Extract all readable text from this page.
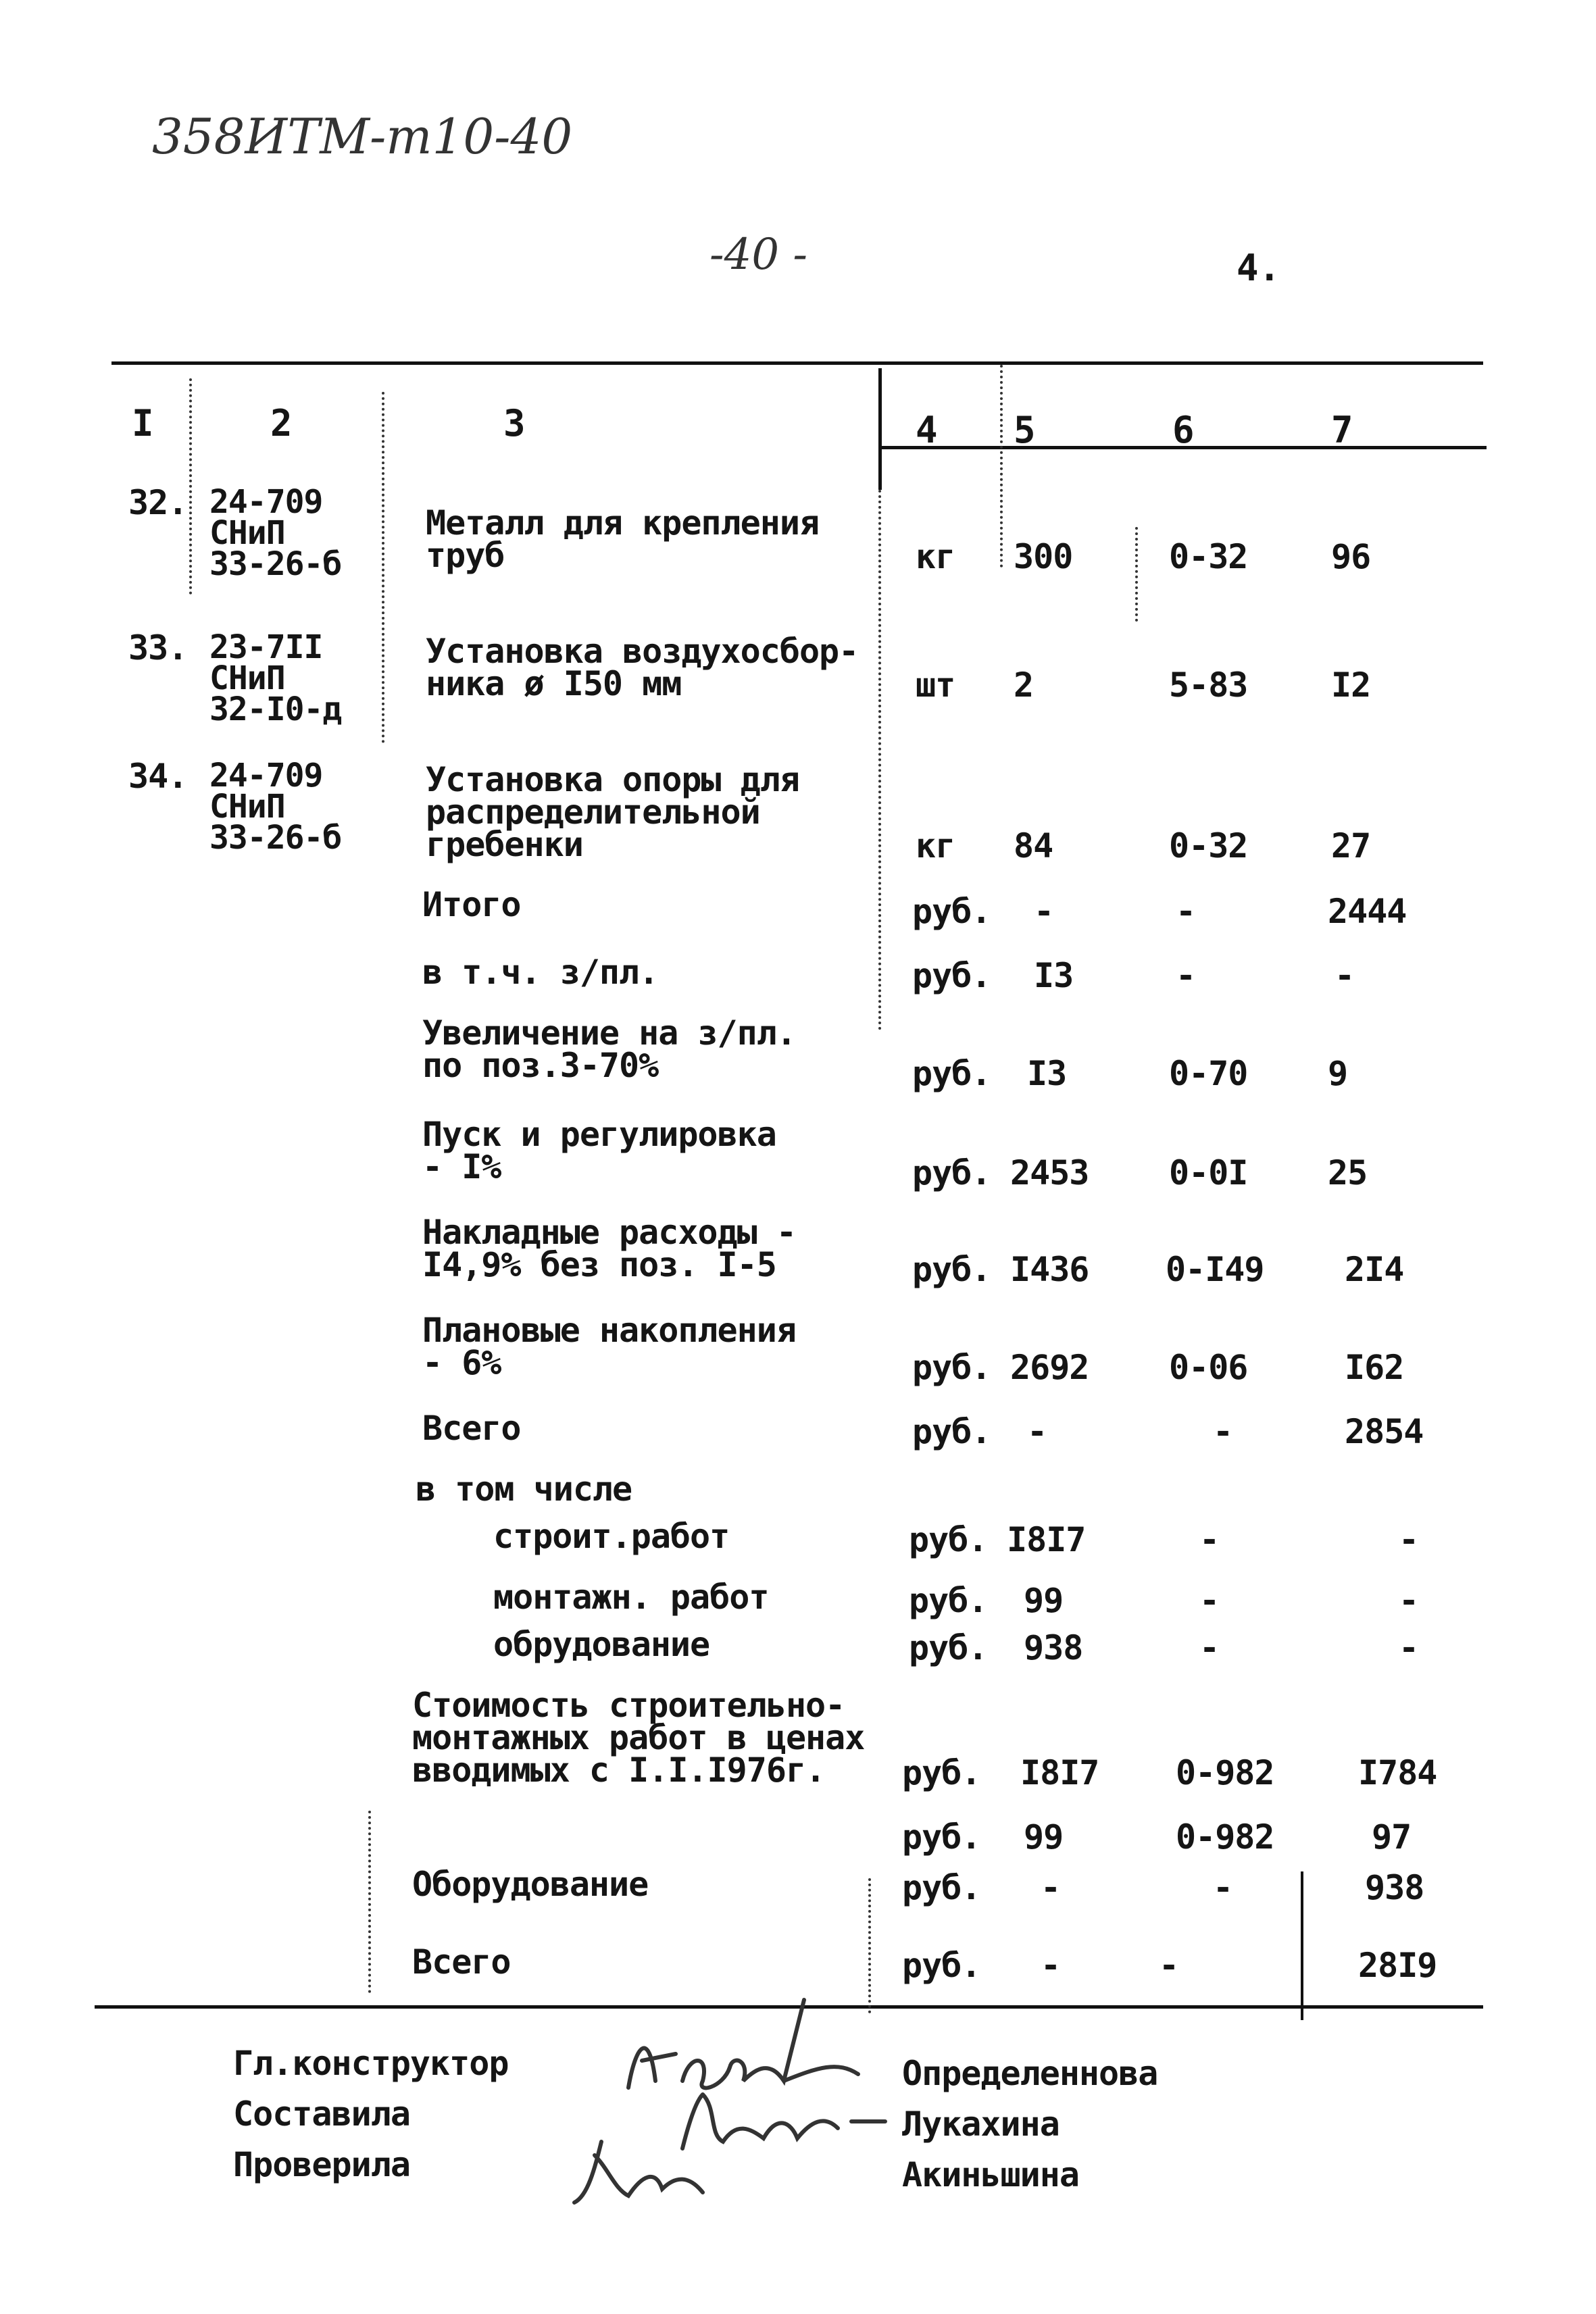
358ИТМ-т10-40
-40 -	4.
I	2	3	4 5	6	7
32. 24-709
СНиП
33-26-б
Металл для крепления
труб	кг 300	0-32 96
33. 23-7II
СНиП
32-I0-д
Установка воздухосбор-
ника ø I50 мм	шт 2	5-83 I2
34. 24-709
СНиП
33-26-б
Установка опоры для
распределительной
гребенки	кг 84	0-32 27
Итого	руб. -	-	2444
в т.ч. з/пл.	руб. I3	-	-
Увеличение на з/пл.
по поз.3-70%	руб. I3	0-70 9
Пуск и регулировка
- I%	руб. 2453 0-0I 25
Накладные расходы -
I4,9% без поз. I-5	руб. I436 0-I49 2I4
Плановые накопления
- 6%	руб. 2692 0-06	I62
Всего	руб. -	-	2854
в том числе
строит.работ	руб. I8I7	-	-
монтажн. работ	руб. 99	-	-
обрудование	руб. 938	-	-
Стоимость строительно-
монтажных работ в ценах
вводимых с I.I.I976г.	руб. I8I7 0-982 I784
руб. 99	0-982	97
Оборудование	руб. -	-	938
Всего	руб. -	-	28I9
Гл.конструктор
Составила
Проверила
Определеннова
Лукахина
Акиньшина
